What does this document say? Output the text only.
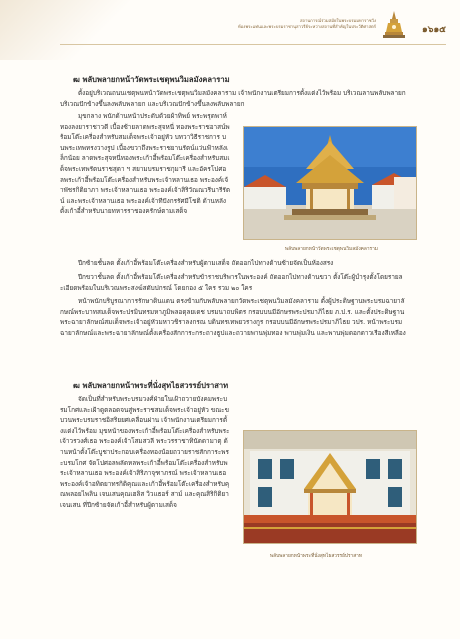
สถานการณ์ร่วมสมัยในพระบรมมหาราชวัง
ห้องพระแท่นและพระบรมราชานุสาวรีย์ระหว่างสถานที่สำคัญในประวัติศาสตร์	๑๖๑๕
ฒ พลับพลายกหน้าวัดพระเชตุพนวิมลมังคลาราม
ตั้งอยู่บริเวณถนนเชตุพนหน้าวัดพระเชตุพนวิมลมังคลาราม เจ้าพนักงานเตรียมการตั้งแต่งไว้พร้อม บริเวณลานพลับพลายก บริเวณปักข้างขึ้นลงพลับพลายก และบริเวณปักข้างขึ้นลงพลับพลายก
มุขกลาง พนักด้านหน้าประดับด้วยผ้าทิพย์ พระพรุดพาห์ทองลงยาราชาวดี เบื้องซ้ายลาดพระสุจหนี่ ทองพระราชอาสน์พร้อมโต๊ะเครื่องสำหรับสมเด็จพระเจ้าอยู่หัว บทวาวิธีราชการ บนพระเทพทรงวางรูป เบื้องขวาถึงพระราชยานรัตน์แว่นฟ้าหลังเล็กน้อย ลาดพระสุจหนี่ทองพระเก้าอี้พร้อมโต๊ะเครื่องสำหรับสมเด็จพระเทพรัตนราชสุดา ฯ สยามบรมราชกุมารี และอัครโปศอลพระเก้าอี้พร้อมโต๊ะเครื่องสำหรับพระเจ้าหลานเธอ พระองค์เจ้าพัชรกิติยาภา พระเจ้าหลานเธอ พระองค์เจ้าสิริวัณณวรีนารีรัตน์ และพระเจ้าหลานเธอ พระองค์เจ้าทีปังกรรัศมีโชติ ด้านหลังตั้งเก้าอี้สำหรับนายทหารราชองครักษ์ตามเสด็จ
พลับพลายกหน้าวัดพระเชตุพนวิมลมังคลาราม
ปีกซ้ายชั้นลด ตั้งเก้าอี้พร้อมโต๊ะเครื่องสำหรับผู้ตามเสด็จ ถัดออกไปทางด้านซ้ายจัดเป็นห้องสรง
ปีกขวาชั้นลด ตั้งเก้าอี้พร้อมโต๊ะเครื่องสำหรับข้าราชบริพารในพระองค์ ถัดออกไปทางด้านขวา ตั้งโต๊ะผู้บำรุงตั้งโดยรายละเอียดพร้อมในบริเวณพระสงฆ์สดับปกรณ์ โดยกอง ๕ ใคร รวม ๒๐ ใคร
หน้าพนักบริบูรณาการรักษาดินแดน ตรงข้ามกับพลับพลายกวัดพระเชตุพนวิมลมังคลาราม ตั้งผู้ประดิษฐานพระบรมฉายาลักษณ์พระบาทสมเด็จพระปรมินทรมหาภูมิพลอดุลยเดช บรมนาถบพิตร กรอบบนมีอักษรพระปรมาภิไธย ภ.ป.ร. และตั้งประดิษฐานพระฉายาลักษณ์สมเด็จพระเจ้าอยู่หัวมหาวชิราลงกรณ บดินทรเทพยวรางกูร กรอบบนมีอักษรพระปรมาภิไธย วปร. หน้าพระบรมฉายาลักษณ์และพระฉายาลักษณ์ตั้งเครื่องสักการะกระถางธูปและถวายพานพุ่มทอง พานพุ่มเงิน และพานพุ่มดอกดาวเรืองสีเหลือง
ฒ พลับพลายกหน้าพระที่นั่งสุทไธสวรรย์ปราสาท
จัดเป็นที่สำหรับพระบรมวงศ์ฝ่ายในเฝ้าถวายบังคมพระบรมโกศและเฝ้าดูตลอดจนสู่พระราชสมเด็จพระเจ้าอยู่หัว ขณะขบวนพระบรมราชอิสริยยศเคลื่อนผ่าน เจ้าพนักงานเตรียมการตั้งแต่งไว้พร้อม มุขหน้าของพระเก้าอี้พร้อมโต๊ะเครื่องสำหรับพระเจ้าวรวงศ์เธอ พระองค์เจ้าโสมสวลี พระวรราชาทินัดดามาตุ ด้านหน้าตั้งโต๊ะบูชาประกอบเครื่องทองน้อยถวายราชสักการะพระบรมโกศ จัดโปศอลพลัดหลพระเก้าอี้พร้อมโต๊ะเครื่องสำหรับพระเจ้าหลานเธอ พระองค์เจ้าสิริภาจุฑาภรณ์ พระเจ้าหลานเธอ พระองค์เจ้าอทิตยาทรกิติคุณและเก้าอี้พร้อมโต๊ะเครื่องสำหรับคุณพลอยไพลิน เจนเสนคุณเฮลิส วิวแธอร์ สาม์ และคุณสิริกิติยา เจนเสน ที่ปีกซ้ายจัดเก้าอี้สำหรับผู้ตามเสด็จ
พลับพลายกหน้าพระที่นั่งสุทไธสวรรย์ปราสาท
